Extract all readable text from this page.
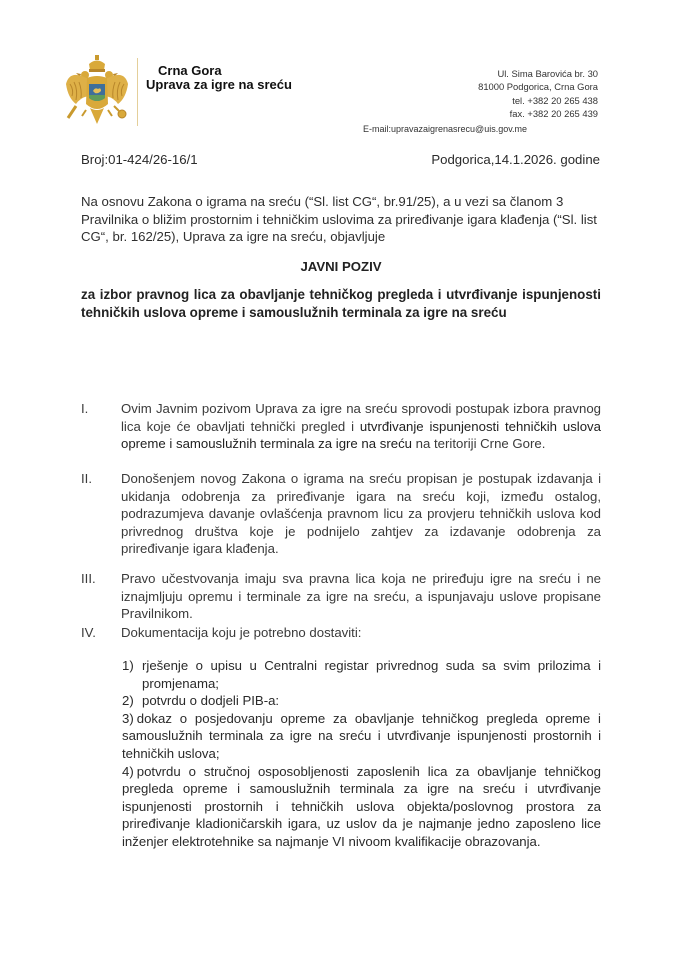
Crna Gora
Uprava za igre na sreću
Ul. Sima Barovića br. 30
81000 Podgorica, Crna Gora
tel. +382 20 265 438
fax. +382 20 265 439
E-mail:upravazaigrenasrecu@uis.gov.me
Broj:01-424/26-16/1	Podgorica,14.1.2026. godine
Na osnovu Zakona o igrama na sreću (“Sl. list CG“, br.91/25), a u vezi sa članom 3 Pravilnika o bližim prostornim i tehničkim uslovima za priređivanje igara klađenja (“Sl. list CG“, br. 162/25), Uprava za igre na sreću, objavljuje
JAVNI POZIV
za izbor pravnog lica za obavljanje tehničkog pregleda i utvrđivanje ispunjenosti tehničkih uslova opreme i samouslužnih terminala za igre na sreću
I.	Ovim Javnim pozivom Uprava za igre na sreću sprovodi postupak izbora pravnog lica koje će obavljati tehnički pregled i utvrđivanje ispunjenosti tehničkih uslova opreme i samouslužnih terminala za igre na sreću na teritoriji Crne Gore.
II.	Donošenjem novog Zakona o igrama na sreću propisan je postupak izdavanja i ukidanja odobrenja za priređivanje igara na sreću koji, između ostalog, podrazumjeva davanje ovlašćenja pravnom licu za provjeru tehničkih uslova kod privrednog društva koje je podnijelo zahtjev za izdavanje odobrenja za priređivanje igara klađenja.
III.	Pravo učestvovanja imaju sva pravna lica koja ne priređuju igre na sreću i ne iznajmljuju opremu i terminale za igre na sreću, a ispunjavaju uslove propisane Pravilnikom.
IV.	Dokumentacija koju je potrebno dostaviti:
1) rješenje o upisu u Centralni registar privrednog suda sa svim prilozima i promjenama;
2) potvrdu o dodjeli PIB-a:
3) dokaz o posjedovanju opreme za obavljanje tehničkog pregleda opreme i samouslužnih terminala za igre na sreću i utvrđivanje ispunjenosti prostornih i tehničkih uslova;
4) potvrdu o stručnoj osposobljenosti zaposlenih lica za obavljanje tehničkog pregleda opreme i samouslužnih terminala za igre na sreću i utvrđivanje ispunjenosti prostornih i tehničkih uslova objekta/poslovnog prostora za priređivanje kladioničarskih igara, uz uslov da je najmanje jedno zaposleno lice inženjer elektrotehnike sa najmanje VI nivoom kvalifikacije obrazovanja.
